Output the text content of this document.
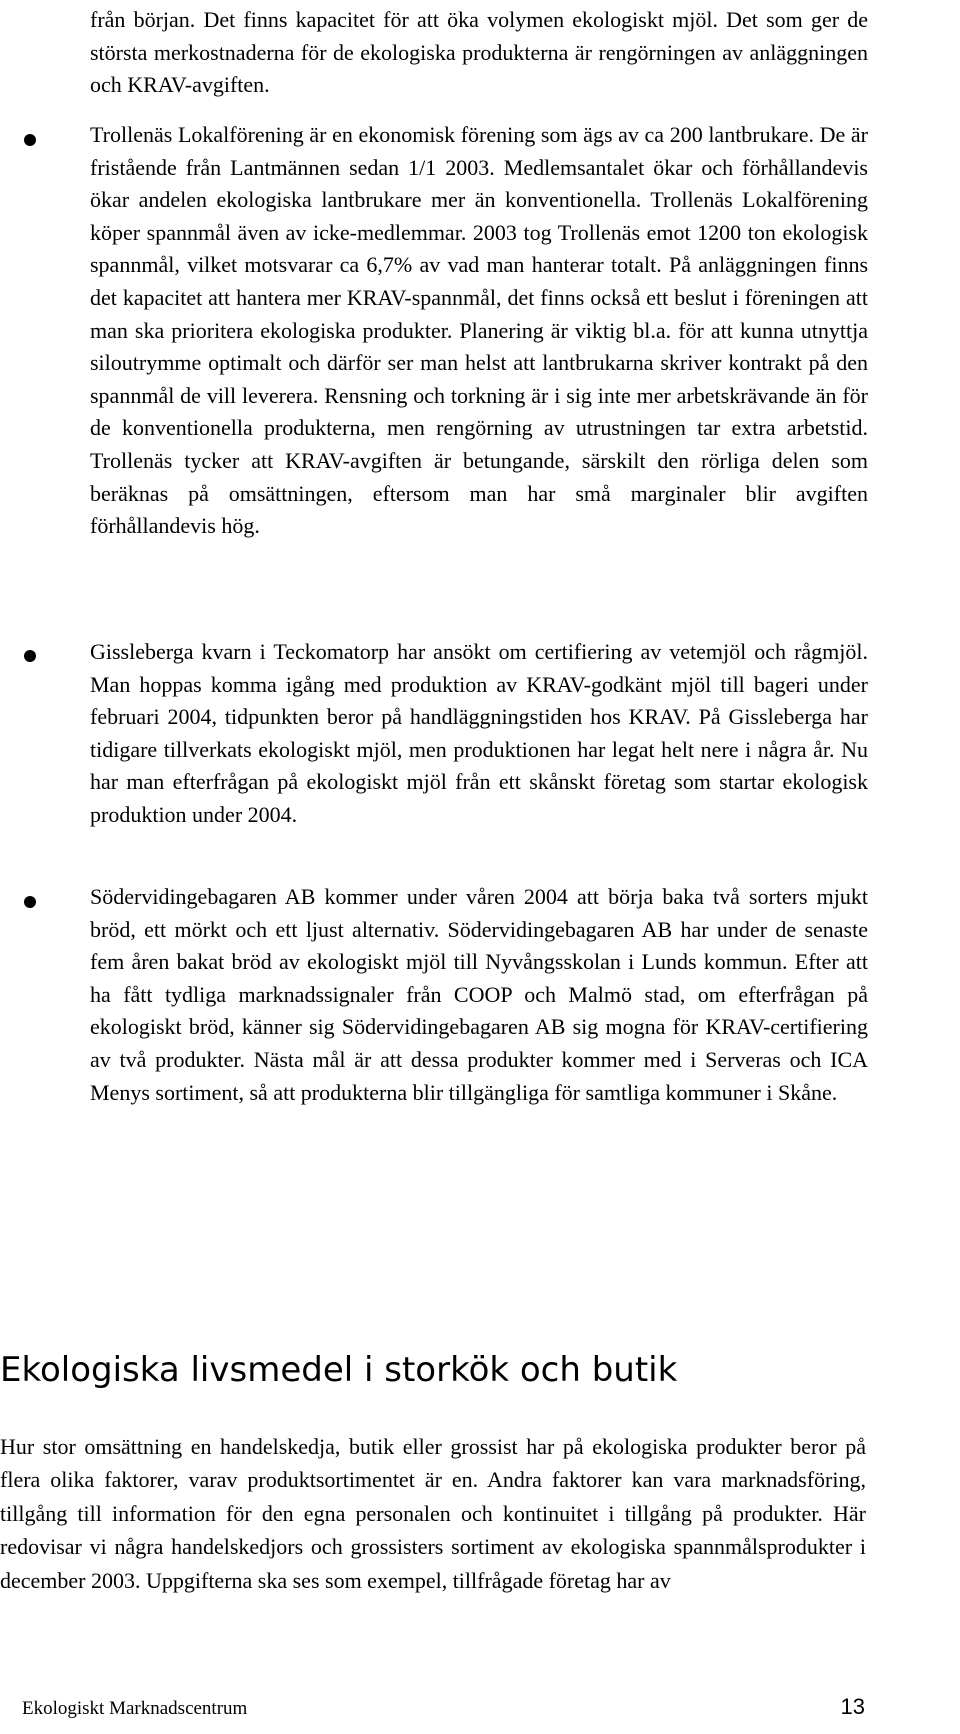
från början. Det finns kapacitet för att öka volymen ekologiskt mjöl. Det som ger de största merkostnaderna för de ekologiska produkterna är rengörningen av anläggningen och KRAV-avgiften.

Trollenäs Lokalförening är en ekonomisk förening som ägs av ca 200 lantbrukare. De är fristående från Lantmännen sedan 1/1 2003. Medlemsantalet ökar och förhållandevis ökar andelen ekologiska lantbrukare mer än konventionella. Trollenäs Lokalförening köper spannmål även av icke-medlemmar. 2003 tog Trollenäs emot 1200 ton ekologisk spannmål, vilket motsvarar ca 6,7% av vad man hanterar totalt. På anläggningen finns det kapacitet att hantera mer KRAV-spannmål, det finns också ett beslut i föreningen att man ska prioritera ekologiska produkter. Planering är viktig bl.a. för att kunna utnyttja siloutrymme optimalt och därför ser man helst att lantbrukarna skriver kontrakt på den spannmål de vill leverera. Rensning och torkning är i sig inte mer arbetskrävande än för de konventionella produkterna, men rengörning av utrustningen tar extra arbetstid. Trollenäs tycker att KRAV-avgiften är betungande, särskilt den rörliga delen som beräknas på omsättningen, eftersom man har små marginaler blir avgiften förhållandevis hög.

Gissleberga kvarn i Teckomatorp har ansökt om certifiering av vetemjöl och rågmjöl. Man hoppas komma igång med produktion av KRAV-godkänt mjöl till bageri under februari 2004, tidpunkten beror på handläggningstiden hos KRAV. På Gissleberga har tidigare tillverkats ekologiskt mjöl, men produktionen har legat helt nere i några år. Nu har man efterfrågan på ekologiskt mjöl från ett skånskt företag som startar ekologisk produktion under 2004.

Södervidingebagaren AB kommer under våren 2004 att börja baka två sorters mjukt bröd, ett mörkt och ett ljust alternativ. Södervidingebagaren AB har under de senaste fem åren bakat bröd av ekologiskt mjöl till Nyvångsskolan i Lunds kommun. Efter att ha fått tydliga marknadssignaler från COOP och Malmö stad, om efterfrågan på ekologiskt bröd, känner sig Södervidingebagaren AB sig mogna för KRAV-certifiering av två produkter. Nästa mål är att dessa produkter kommer med i Serveras och ICA Menys sortiment, så att produkterna blir tillgängliga för samtliga kommuner i Skåne.

Ekologiska livsmedel i storkök och butik

Hur stor omsättning en handelskedja, butik eller grossist har på ekologiska produkter beror på flera olika faktorer, varav produktsortimentet är en. Andra faktorer kan vara marknadsföring, tillgång till information för den egna personalen och kontinuitet i tillgång på produkter. Här redovisar vi några handelskedjors och grossisters sortiment av ekologiska spannmålsprodukter i december 2003. Uppgifterna ska ses som exempel, tillfrågade företag har av

Ekologiskt Marknadscentrum	13
